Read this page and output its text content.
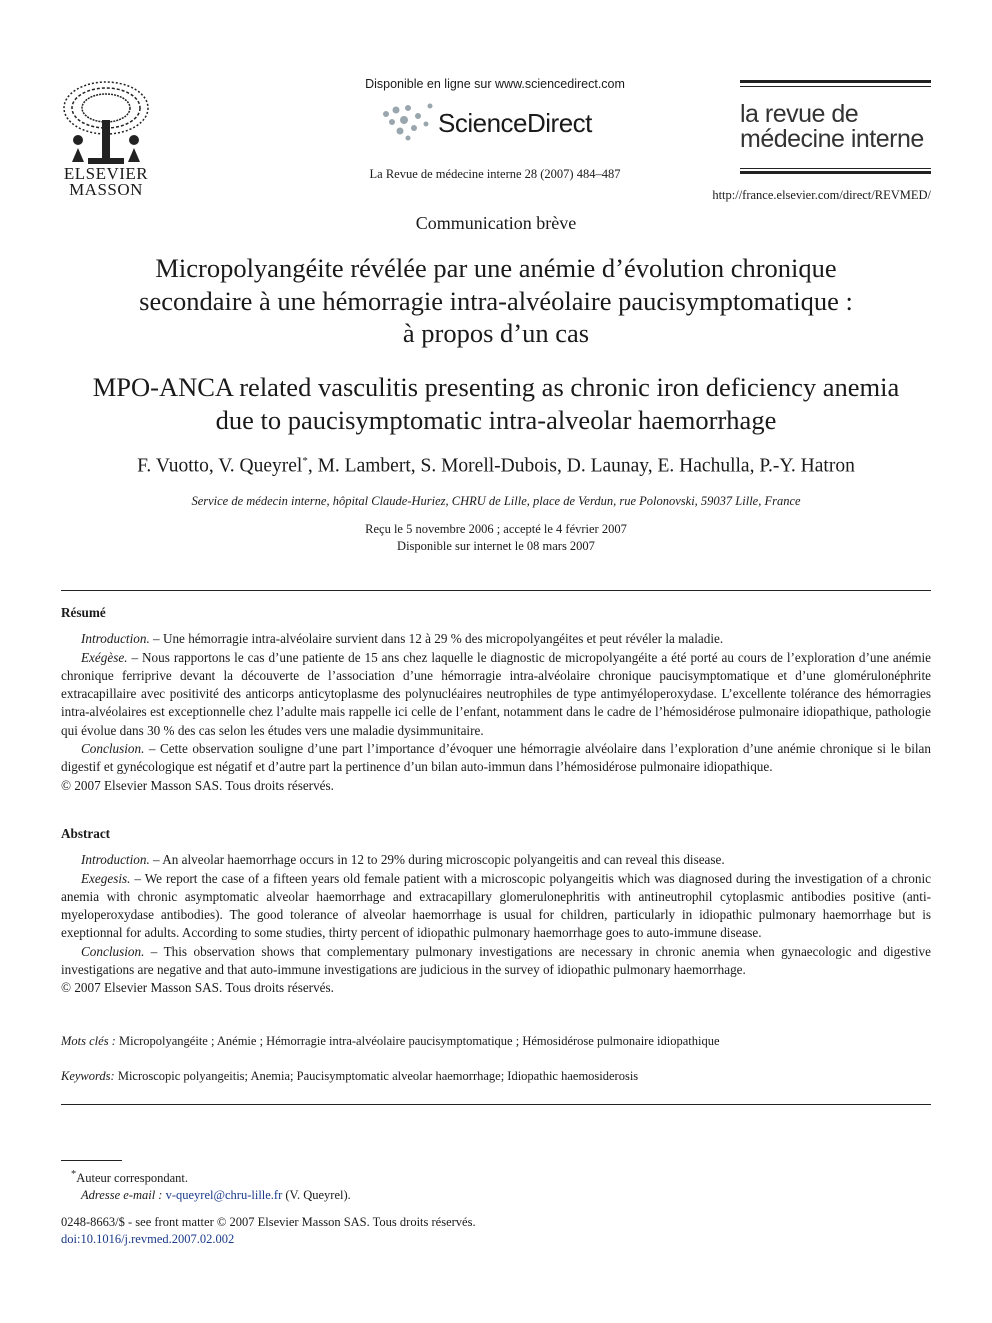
ELSEVIER
MASSON
Disponible en ligne sur www.sciencedirect.com
ScienceDirect
La Revue de médecine interne 28 (2007) 484–487
la revue de
médecine interne
http://france.elsevier.com/direct/REVMED/
Communication brève
Micropolyangéite révélée par une anémie d’évolution chronique
secondaire à une hémorragie intra-alvéolaire paucisymptomatique :
à propos d’un cas
MPO-ANCA related vasculitis presenting as chronic iron deficiency anemia
due to paucisymptomatic intra-alveolar haemorrhage
F. Vuotto, V. Queyrel*, M. Lambert, S. Morell-Dubois, D. Launay, E. Hachulla, P.-Y. Hatron
Service de médecin interne, hôpital Claude-Huriez, CHRU de Lille, place de Verdun, rue Polonovski, 59037 Lille, France
Reçu le 5 novembre 2006 ; accepté le 4 février 2007
Disponible sur internet le 08 mars 2007
Résumé

Introduction. – Une hémorragie intra-alvéolaire survient dans 12 à 29 % des micropolyangéites et peut révéler la maladie.

Exégèse. – Nous rapportons le cas d’une patiente de 15 ans chez laquelle le diagnostic de micropolyangéite a été porté au cours de l’exploration d’une anémie chronique ferriprive devant la découverte de l’association d’une hémorragie intra-alvéolaire chronique paucisymptomatique et d’une glomérulonéphrite extracapillaire avec positivité des anticorps anticytoplasme des polynucléaires neutrophiles de type antimyéloperoxydase. L’excellente tolérance des hémorragies intra-alvéolaires est exceptionnelle chez l’adulte mais rappelle ici celle de l’enfant, notamment dans le cadre de l’hémosidérose pulmonaire idiopathique, pathologie qui évolue dans 30 % des cas selon les études vers une maladie dysimmunitaire.

Conclusion. – Cette observation souligne d’une part l’importance d’évoquer une hémorragie alvéolaire dans l’exploration d’une anémie chronique si le bilan digestif et gynécologique est négatif et d’autre part la pertinence d’un bilan auto-immun dans l’hémosidérose pulmonaire idiopathique.

© 2007 Elsevier Masson SAS. Tous droits réservés.

Abstract

Introduction. – An alveolar haemorrhage occurs in 12 to 29% during microscopic polyangeitis and can reveal this disease.

Exegesis. – We report the case of a fifteen years old female patient with a microscopic polyangeitis which was diagnosed during the investigation of a chronic anemia with chronic asymptomatic alveolar haemorrhage and extracapillary glomerulonephritis with antineutrophil cytoplasmic antibodies positive (anti-myeloperoxydase antibodies). The good tolerance of alveolar haemorrhage is usual for children, particularly in idiopathic pulmonary haemorrhage but is exeptionnal for adults. According to some studies, thirty percent of idiopathic pulmonary haemorrhage goes to auto-immune disease.

Conclusion. – This observation shows that complementary pulmonary investigations are necessary in chronic anemia when gynaecologic and digestive investigations are negative and that auto-immune investigations are judicious in the survey of idiopathic pulmonary haemorrhage.

© 2007 Elsevier Masson SAS. Tous droits réservés.

Mots clés : Micropolyangéite ; Anémie ; Hémorragie intra-alvéolaire paucisymptomatique ; Hémosidérose pulmonaire idiopathique
Keywords: Microscopic polyangeitis; Anemia; Paucisymptomatic alveolar haemorrhage; Idiopathic haemosiderosis
*Auteur correspondant.
Adresse e-mail : v-queyrel@chru-lille.fr (V. Queyrel).
0248-8663/$ - see front matter © 2007 Elsevier Masson SAS. Tous droits réservés.
doi:10.1016/j.revmed.2007.02.002
